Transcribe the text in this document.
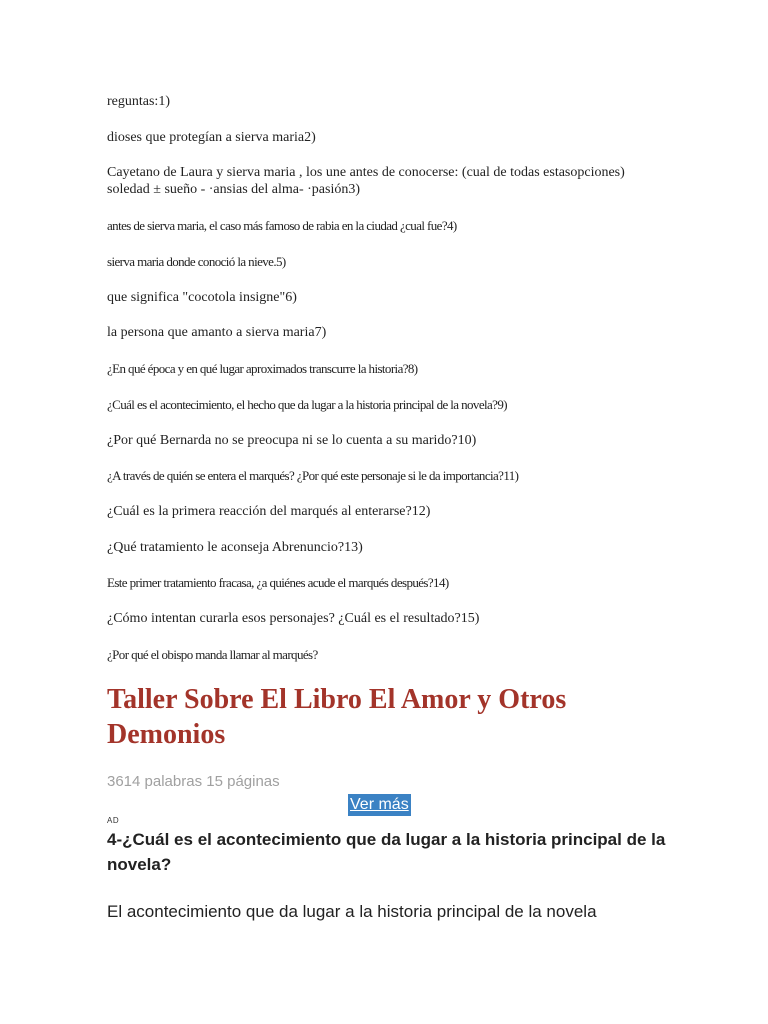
reguntas:1)

dioses que protegían a sierva maria2)

Cayetano de Laura y sierva maria , los une antes de conocerse: (cual de todas estasopciones) soledad ± sueño - ·ansias del alma- ·pasión3)

antes de sierva maria, el caso más famoso de rabia en la ciudad ¿cual fue?4)

sierva maria donde conoció la nieve.5)

que significa "cocotola insigne"6)

la persona que amanto a sierva maria7)

¿En qué época y en qué lugar aproximados transcurre la historia?8)

¿Cuál es el acontecimiento, el hecho que da lugar a la historia principal de la novela?9)

¿Por qué Bernarda no se preocupa ni se lo cuenta a su marido?10)

¿A través de quién se entera el marqués? ¿Por qué este personaje si le da importancia?11)

¿Cuál es la primera reacción del marqués al enterarse?12)

¿Qué tratamiento le aconseja Abrenuncio?13)

Este primer tratamiento fracasa, ¿a quiénes acude el marqués después?14)

¿Cómo intentan curarla esos personajes? ¿Cuál es el resultado?15)

¿Por qué el obispo manda llamar al marqués?

Taller Sobre El Libro El Amor y Otros Demonios
3614 palabras 15 páginas
Ver más
AD
4-¿Cuál es el acontecimiento que da lugar a la historia principal de la novela?

El acontecimiento que da lugar a la historia principal de la novela
